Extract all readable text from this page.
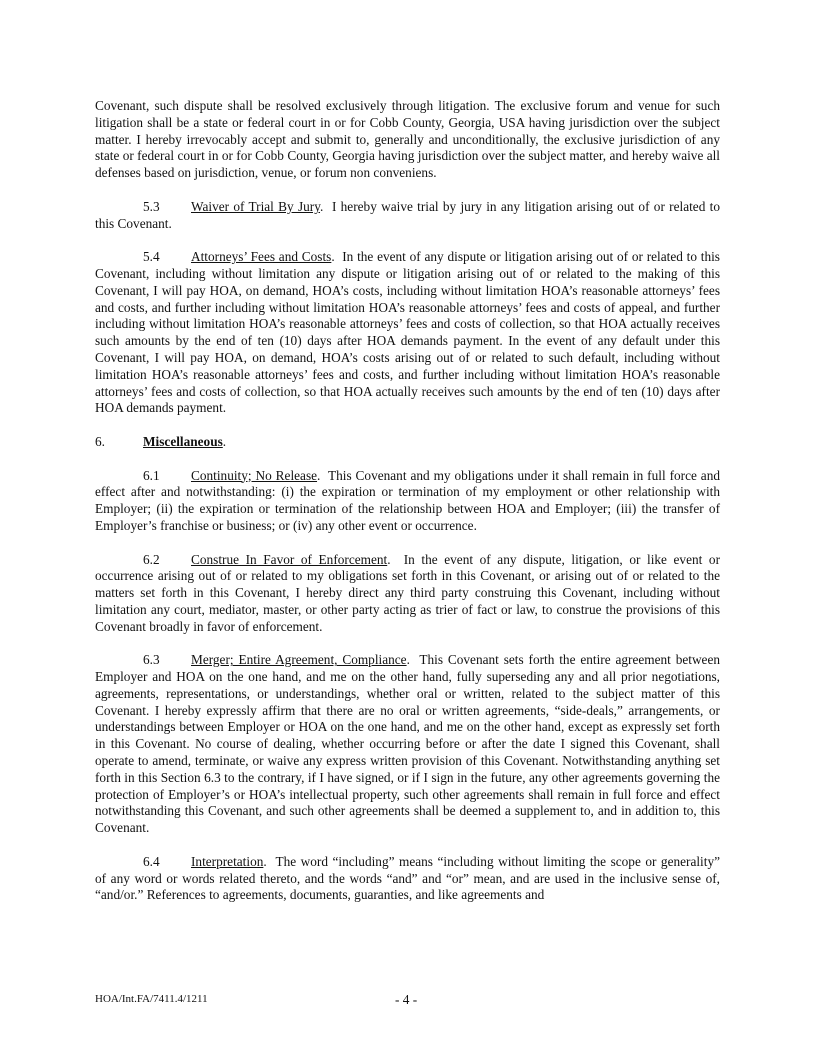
Covenant, such dispute shall be resolved exclusively through litigation. The exclusive forum and venue for such litigation shall be a state or federal court in or for Cobb County, Georgia, USA having jurisdiction over the subject matter. I hereby irrevocably accept and submit to, generally and unconditionally, the exclusive jurisdiction of any state or federal court in or for Cobb County, Georgia having jurisdiction over the subject matter, and hereby waive all defenses based on jurisdiction, venue, or forum non conveniens.

5.3 Waiver of Trial By Jury.  I hereby waive trial by jury in any litigation arising out of or related to this Covenant.

5.4 Attorneys’ Fees and Costs.  In the event of any dispute or litigation arising out of or related to this Covenant, including without limitation any dispute or litigation arising out of or related to the making of this Covenant, I will pay HOA, on demand, HOA’s costs, including without limitation HOA’s reasonable attorneys’ fees and costs, and further including without limitation HOA’s reasonable attorneys’ fees and costs of appeal, and further including without limitation HOA’s reasonable attorneys’ fees and costs of collection, so that HOA actually receives such amounts by the end of ten (10) days after HOA demands payment. In the event of any default under this Covenant, I will pay HOA, on demand, HOA’s costs arising out of or related to such default, including without limitation HOA’s reasonable attorneys’ fees and costs, and further including without limitation HOA’s reasonable attorneys’ fees and costs of collection, so that HOA actually receives such amounts by the end of ten (10) days after HOA demands payment.

6.	Miscellaneous.

6.1 Continuity; No Release.  This Covenant and my obligations under it shall remain in full force and effect after and notwithstanding: (i) the expiration or termination of my employment or other relationship with Employer; (ii) the expiration or termination of the relationship between HOA and Employer; (iii) the transfer of Employer’s franchise or business; or (iv) any other event or occurrence.

6.2 Construe In Favor of Enforcement.  In the event of any dispute, litigation, or like event or occurrence arising out of or related to my obligations set forth in this Covenant, or arising out of or related to the matters set forth in this Covenant, I hereby direct any third party construing this Covenant, including without limitation any court, mediator, master, or other party acting as trier of fact or law, to construe the provisions of this Covenant broadly in favor of enforcement.

6.3 Merger; Entire Agreement, Compliance.  This Covenant sets forth the entire agreement between Employer and HOA on the one hand, and me on the other hand, fully superseding any and all prior negotiations, agreements, representations, or understandings, whether oral or written, related to the subject matter of this Covenant. I hereby expressly affirm that there are no oral or written agreements, “side-deals,” arrangements, or understandings between Employer or HOA on the one hand, and me on the other hand, except as expressly set forth in this Covenant. No course of dealing, whether occurring before or after the date I signed this Covenant, shall operate to amend, terminate, or waive any express written provision of this Covenant. Notwithstanding anything set forth in this Section 6.3 to the contrary, if I have signed, or if I sign in the future, any other agreements governing the protection of Employer’s or HOA’s intellectual property, such other agreements shall remain in full force and effect notwithstanding this Covenant, and such other agreements shall be deemed a supplement to, and in addition to, this Covenant.

6.4 Interpretation.  The word “including” means “including without limiting the scope or generality” of any word or words related thereto, and the words “and” and “or” mean, and are used in the inclusive sense of, “and/or.” References to agreements, documents, guaranties, and like agreements and

HOA/Int.FA/7411.4/1211	- 4 -
